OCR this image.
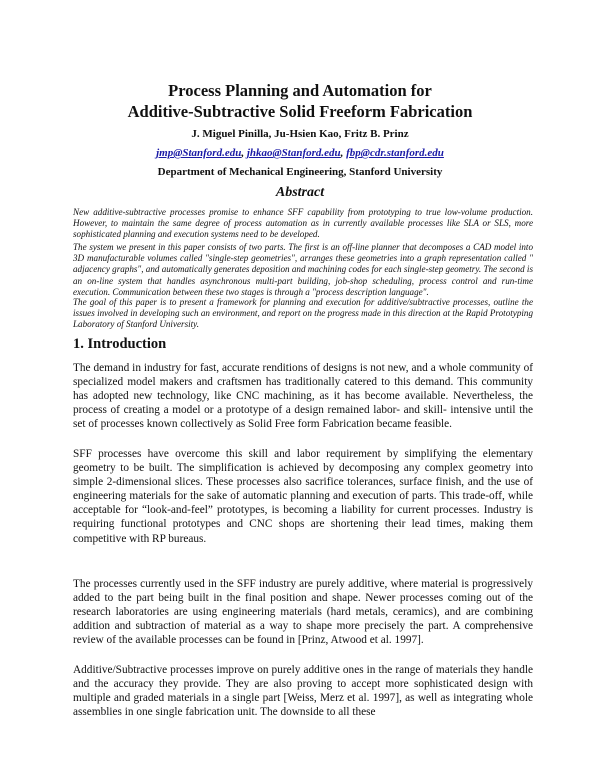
Process Planning and Automation for
Additive-Subtractive Solid Freeform Fabrication
J. Miguel Pinilla, Ju-Hsien Kao, Fritz B. Prinz
jmp@Stanford.edu, jhkao@Stanford.edu, fbp@cdr.stanford.edu
Department of Mechanical Engineering, Stanford University
Abstract

New additive-subtractive processes promise to enhance SFF capability from prototyping to true low-volume production. However, to maintain the same degree of process automation as in currently available processes like SLA or SLS, more sophisticated planning and execution systems need to be developed.

The system we present in this paper consists of two parts. The first is an off-line planner that decomposes a CAD model into 3D manufacturable volumes called "single-step geometries", arranges these geometries into a graph representation called " adjacency graphs", and automatically generates deposition and machining codes for each single-step geometry. The second is an on-line system that handles asynchronous multi-part building, job-shop scheduling, process control and run-time execution. Communication between these two stages is through a "process description language".

The goal of this paper is to present a framework for planning and execution for additive/subtractive processes, outline the issues involved in developing such an environment, and report on the progress made in this direction at the Rapid Prototyping Laboratory of Stanford University.

1. Introduction

The demand in industry for fast, accurate renditions of designs is not new, and a whole community of specialized model makers and craftsmen has traditionally catered to this demand. This community has adopted new technology, like CNC machining, as it has become available. Nevertheless, the process of creating a model or a prototype of a design remained labor- and skill- intensive until the set of processes known collectively as Solid Free form Fabrication became feasible.

SFF processes have overcome this skill and labor requirement by simplifying the elementary geometry to be built. The simplification is achieved by decomposing any complex geometry into simple 2-dimensional slices. These processes also sacrifice tolerances, surface finish, and the use of engineering materials for the sake of automatic planning and execution of parts. This trade-off, while acceptable for “look-and-feel” prototypes, is becoming a liability for current processes. Industry is requiring functional prototypes and CNC shops are shortening their lead times, making them competitive with RP bureaus.

The processes currently used in the SFF industry are purely additive, where material is progressively added to the part being built in the final position and shape. Newer processes coming out of the research laboratories are using engineering materials (hard metals, ceramics), and are combining addition and subtraction of material as a way to shape more precisely the part. A comprehensive review of the available processes can be found in [Prinz, Atwood et al. 1997].

Additive/Subtractive processes improve on purely additive ones in the range of materials they handle and the accuracy they provide. They are also proving to accept more sophisticated design with multiple and graded materials in a single part [Weiss, Merz et al. 1997], as well as integrating whole assemblies in one single fabrication unit. The downside to all these
